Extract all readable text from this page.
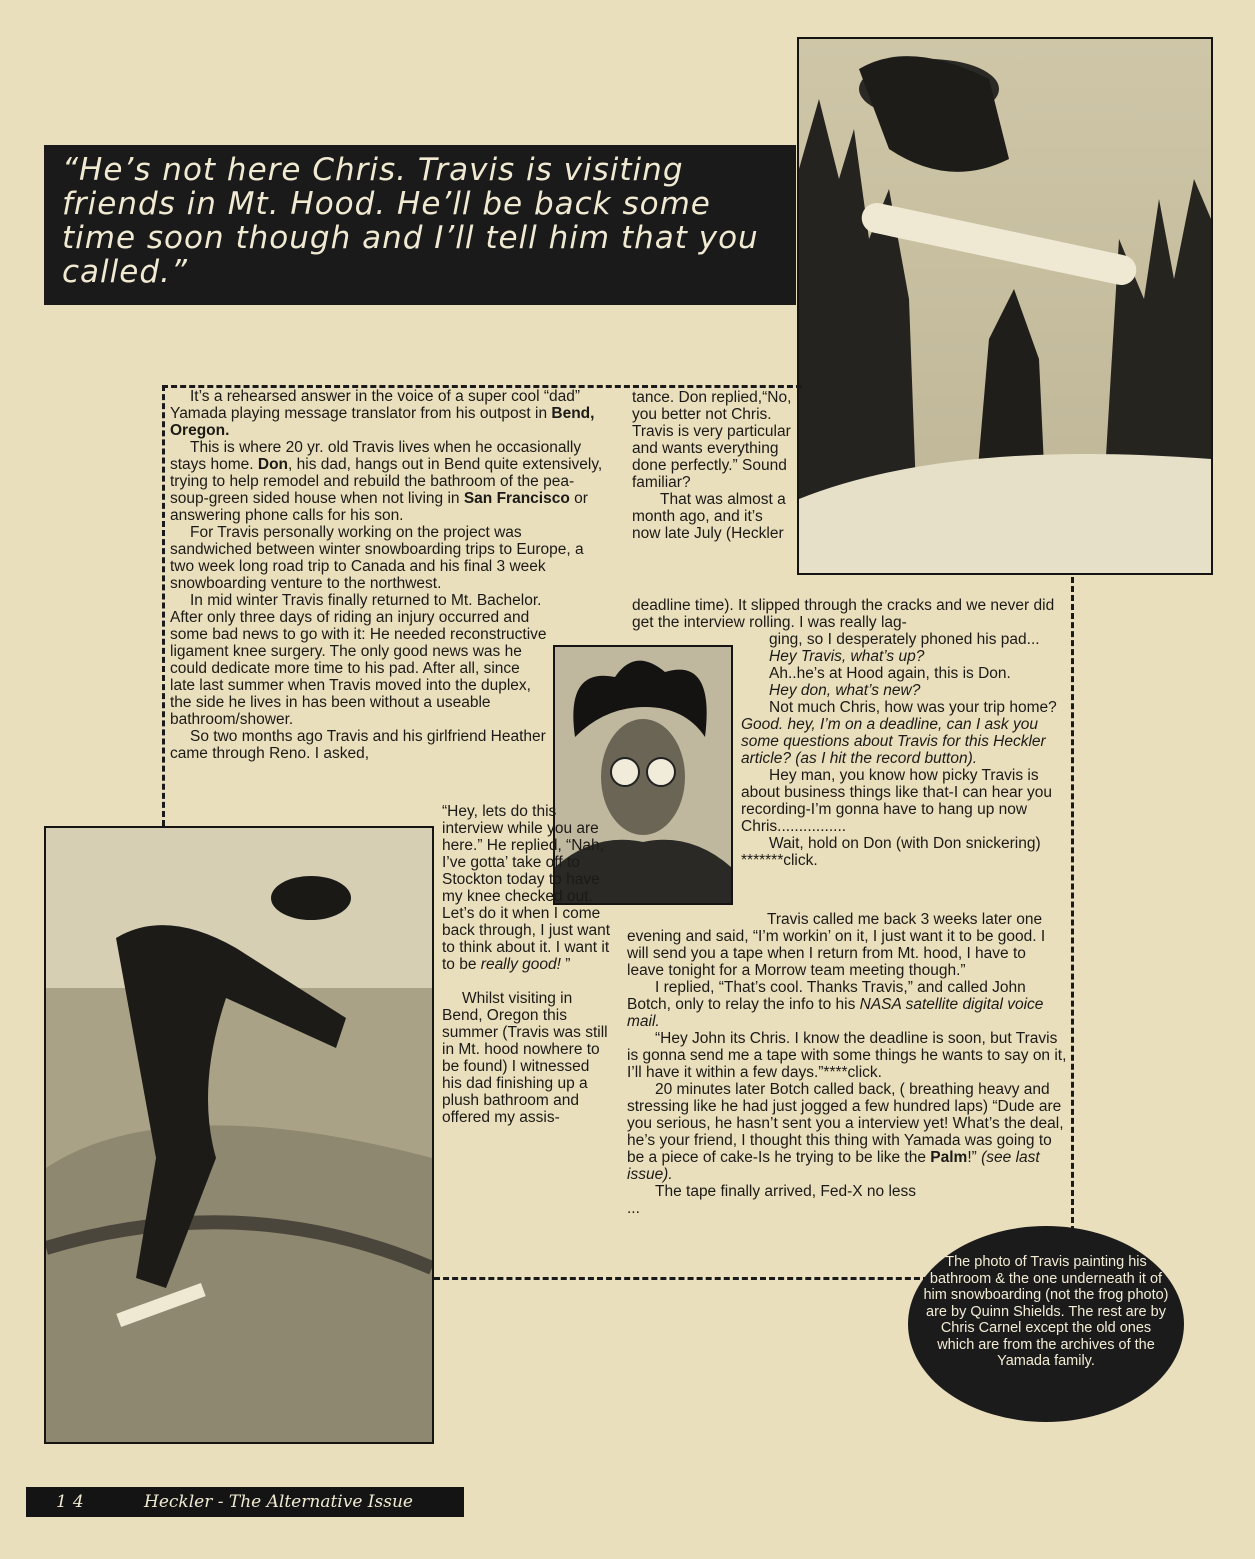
“He’s not here Chris. Travis is visiting friends in Mt. Hood. He’ll be back some time soon though and I’ll tell him that you called.”

It’s a rehearsed answer in the voice of a super cool “dad” Yamada playing message translator from his outpost in Bend, Oregon.

This is where 20 yr. old Travis lives when he occasionally stays home. Don, his dad, hangs out in Bend quite extensively, trying to help remodel and rebuild the bathroom of the pea-soup-green sided house when not living in San Francisco or answering phone calls for his son.

For Travis personally working on the project was sandwiched between winter snowboarding trips to Europe, a two week long road trip to Canada and his final 3 week snowboarding venture to the northwest.

In mid winter Travis finally returned to Mt. Bachelor. After only three days of riding an injury occurred and some bad news to go with it: He needed reconstructive ligament knee surgery. The only good news was he could dedicate more time to his pad. After all, since late last summer when Travis moved into the duplex, the side he lives in has been without a useable bathroom/shower.

So two months ago Travis and his girlfriend Heather came through Reno. I asked,

“Hey, lets do this interview while you are here.” He replied, “Nah, I’ve gotta’ take off to Stockton today to have my knee checked out. Let’s do it when I come back through, I just want to think about it. I want it to be really good! ”

Whilst visiting in Bend, Oregon this summer (Travis was still in Mt. hood nowhere to be found) I witnessed his dad finishing up a plush bathroom and offered my assis-

tance. Don replied,“No, you better not Chris. Travis is very particular and wants everything done perfectly.” Sound familiar?

That was almost a month ago, and it’s now late July (Heckler

deadline time). It slipped through the cracks and we never did get the interview rolling. I was really lag-

ging, so I desperately phoned his pad...

Hey Travis, what’s up?

Ah..he’s at Hood again, this is Don.

Hey don, what’s new?

Not much Chris, how was your trip home?

Good. hey, I’m on a deadline, can I ask you some questions about Travis for this Heckler article? (as I hit the record button).

Hey man, you know how picky Travis is about business things like that-I can hear you recording-I’m gonna have to hang up now Chris................

Wait, hold on Don (with Don snickering) *******click.

Travis called me back 3 weeks later one evening and said, “I’m workin’ on it, I just want it to be good. I will send you a tape when I return from Mt. hood, I have to leave tonight for a Morrow team meeting though.”

I replied, “That’s cool. Thanks Travis,” and called John Botch, only to relay the info to his NASA satellite digital voice mail.

“Hey John its Chris. I know the deadline is soon, but Travis is gonna send me a tape with some things he wants to say on it, I’ll have it within a few days.”****click.

20 minutes later Botch called back, ( breathing heavy and stressing like he had just jogged a few hundred laps) “Dude are you serious, he hasn’t sent you a interview yet! What’s the deal, he’s your friend, I thought this thing with Yamada was going to be a piece of cake-Is he trying to be like the Palm!” (see last issue).

The tape finally arrived, Fed-X no less ...

The photo of Travis painting his bathroom & the one underneath it of him snowboarding (not the frog photo) are by Quinn Shields. The rest are by Chris Carnel except the old ones which are from the archives of the Yamada family.
14	Heckler - The Alternative Issue
